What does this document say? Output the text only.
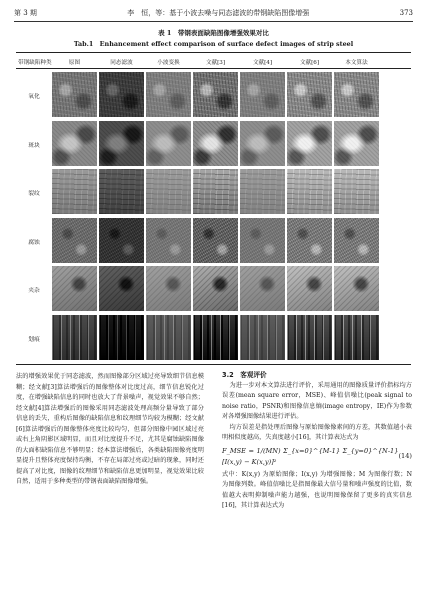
第 3 期	李　恒，等：基于小波去噪与同态滤波的带钢缺陷图像增强	373
表 1　带钢表面缺陷图像增强效果对比
Tab.1　Enhancement effect comparison of surface defect images of strip steel
带钢缺陷种类	原图	同态滤波	小波变换	文献[3]	文献[4]	文献[6]	本文算法
氧化
斑块
裂纹
腐蚀
夹杂
划痕

法的增强效果优于同态滤波，然而图像部分区域过亮导致细节信息模糊；经文献[3]算法增强后的图像整体对比度过高，细节信息锐化过度，在增强缺陷信息的同时也放大了背景噪声，视觉效果不够自然；经文献[4]算法增强后的图像采用同态滤波处理高频分量导致了部分信息的丢失，重构后图像的缺陷信息和纹理细节均较为模糊；经文献[6]算法增强后的图像整体亮度比较均匀，但部分图像中园区域过亮或右上角阴影区域明显，而且对比度提升不足，尤其是腐蚀缺陷图像的大面积缺陷信息不够明显；经本算法增强后，各类缺陷图像亮度明显提升且整体亮度保持均衡，不存在局部过亮或过暗的现象，同时还提高了对比度，图像的纹理细节和缺陷信息更加明显，视觉效果比较自然，适用于多种类型的带钢表面缺陷图像增强。

3.2　客观评价

为进一步对本文算法进行评价，采用通用的图像质量评价指标均方误差(mean square error，MSE)、峰值信噪比(peak signal to noise ratio，PSNR)和图像信息熵(image entropy，IE)作为参数对各增强图像结果进行评估。

均方误差是指处理后图像与原始图像像素间的方差，其数值越小表明相似度越高，失真度越小[16]，其计算表达式为

F_MSE = 1/(MN) Σ_{x=0}^{M-1} Σ_{y=0}^{N-1} [I(x,y) − K(x,y)]²
(14)

式中：K(x,y) 为原始图像；I(x,y) 为增强图像；M 为图像行数；N 为图像列数。峰值信噪比是指图像最大信号量和噪声强度的比值，数值越大表明抑制噪声能力越强，也说明图像保留了更多的真实信息[16]，其计算表达式为
